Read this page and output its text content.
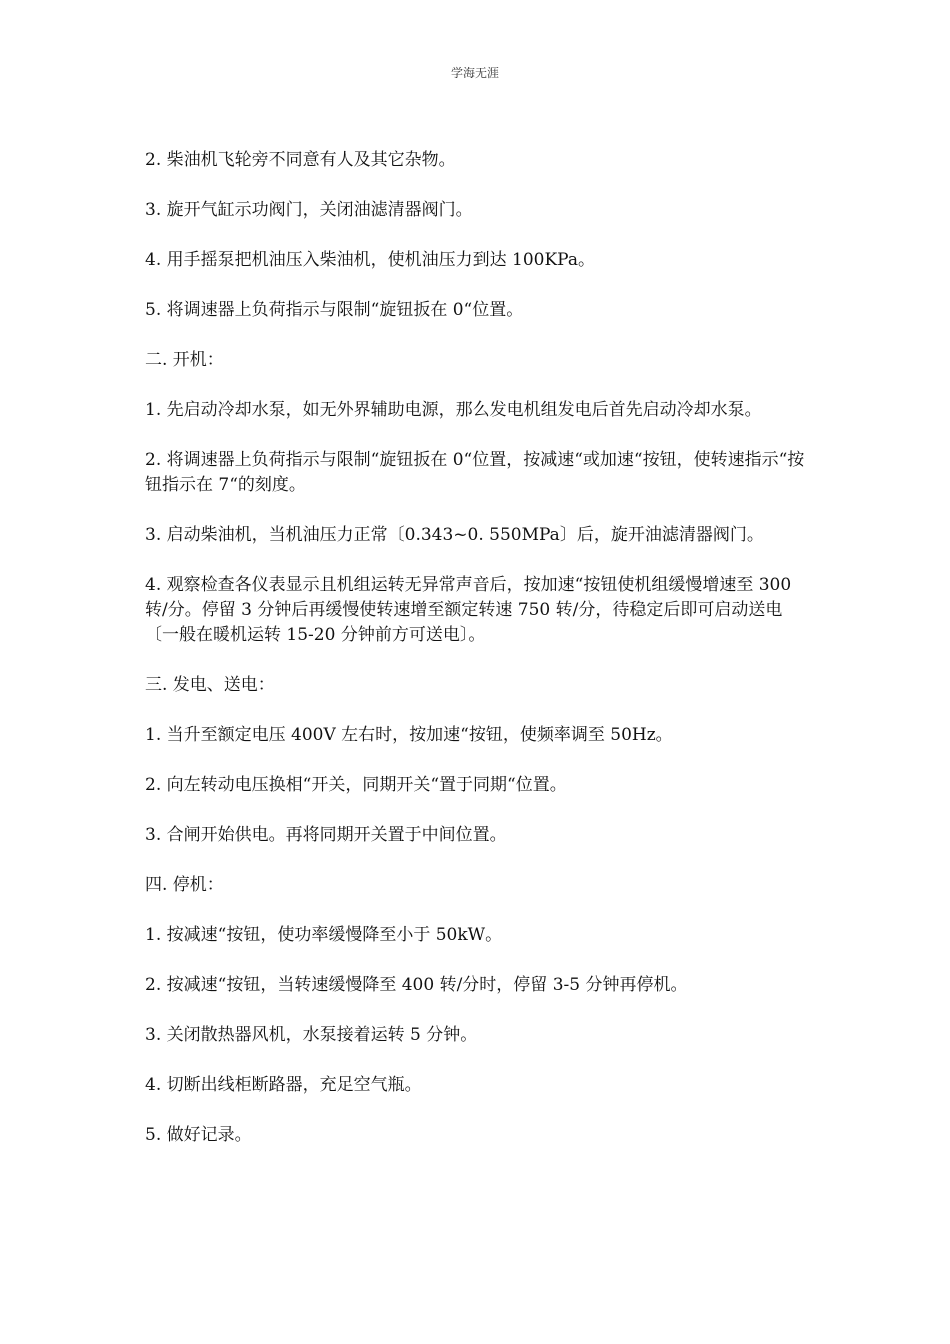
学海无涯

2. 柴油机飞轮旁不同意有人及其它杂物。

3. 旋开气缸示功阀门，关闭油滤清器阀门。

4. 用手摇泵把机油压入柴油机，使机油压力到达 100KPa。

5. 将调速器上负荷指示与限制“旋钮扳在 0“位置。

二. 开机：

1. 先启动冷却水泵，如无外界辅助电源，那么发电机组发电后首先启动冷却水泵。

2. 将调速器上负荷指示与限制“旋钮扳在 0“位置，按减速“或加速“按钮，使转速指示“按钮指示在 7“的刻度。

3. 启动柴油机，当机油压力正常〔0.343~0. 550MPa〕后，旋开油滤清器阀门。

4. 观察检查各仪表显示且机组运转无异常声音后，按加速“按钮使机组缓慢增速至 300 转/分。停留 3 分钟后再缓慢使转速增至额定转速 750 转/分，待稳定后即可启动送电〔一般在暖机运转 15-20 分钟前方可送电〕。

三. 发电、送电：

1. 当升至额定电压 400V 左右时，按加速“按钮，使频率调至 50Hz。

2. 向左转动电压换相“开关，同期开关“置于同期“位置。

3. 合闸开始供电。再将同期开关置于中间位置。

四. 停机：

1. 按减速“按钮，使功率缓慢降至小于 50kW。

2. 按减速“按钮，当转速缓慢降至 400 转/分时，停留 3-5 分钟再停机。

3. 关闭散热器风机，水泵接着运转 5 分钟。

4. 切断出线柜断路器，充足空气瓶。

5. 做好记录。
